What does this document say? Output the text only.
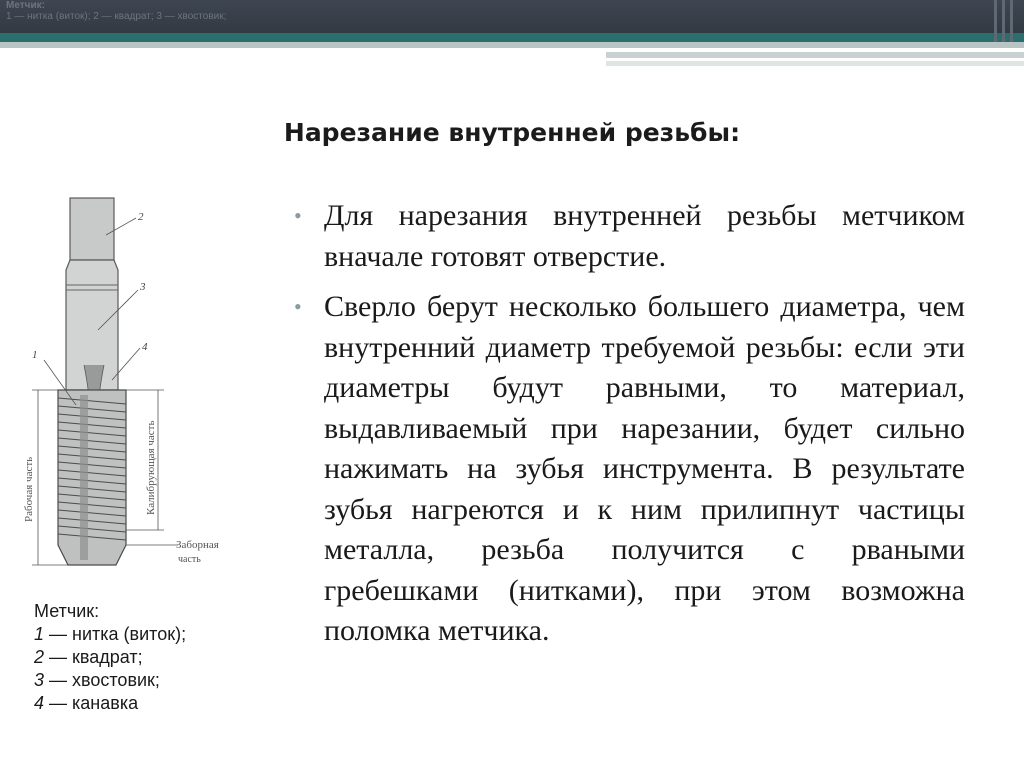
Метчик:
1 — нитка (виток); 2 — квадрат; 3 — хвостовик;
Нарезание внутренней резьбы:
• Для нарезания внутренней резьбы метчиком вначале готовят отверстие.
• Сверло берут несколько большего диаметра, чем внутренний диаметр требуемой резьбы: если эти диаметры будут равными, то материал, выдавливаемый при нарезании, будет сильно нажимать на зубья инструмента. В результате зубья нагреются и к ним прилипнут частицы металла, резьба получится с рваными гребешками (нитками), при этом возможна поломка метчика.
2
3
4
1
Рабочая часть	Калибрующая часть
Заборная
часть
Метчик:
1 — нитка (виток);
2 — квадрат;
3 — хвостовик;
4 — канавка
